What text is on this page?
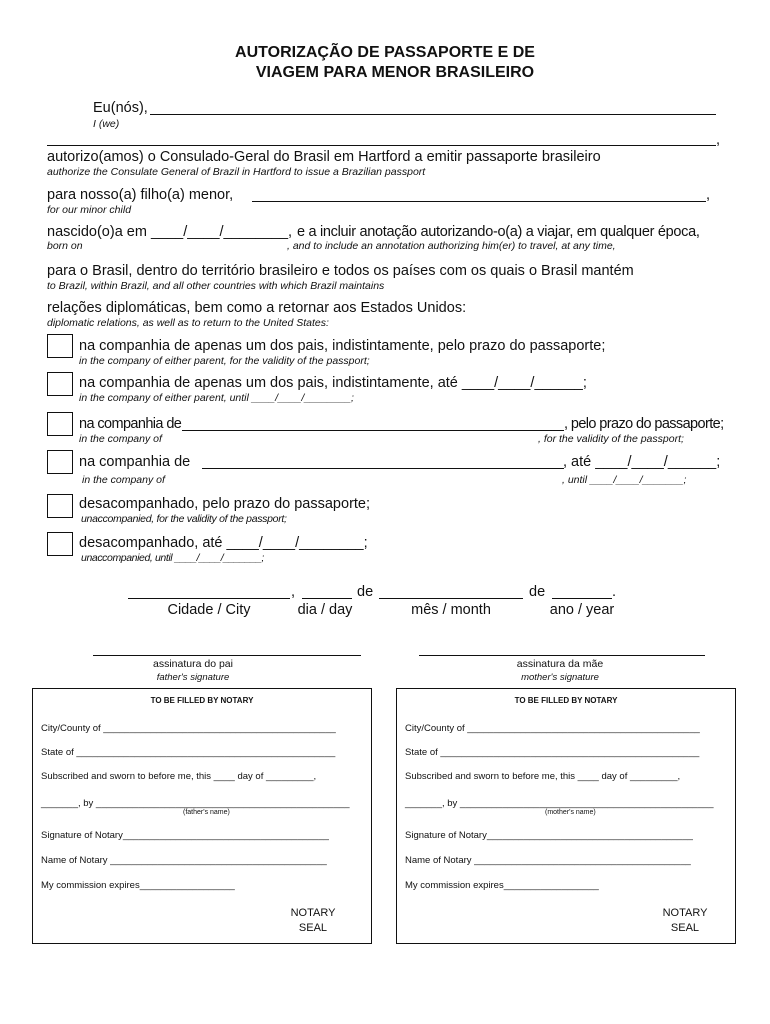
AUTORIZAÇÃO DE PASSAPORTE E DE
VIAGEM PARA MENOR BRASILEIRO
Eu(nós),
I (we)
,
autorizo(amos) o Consulado-Geral do Brasil em Hartford a emitir passaporte brasileiro
authorize the Consulate General of Brazil in Hartford to issue a Brazilian passport
para nosso(a) filho(a) menor,	,
for our minor child
nascido(o)a em ____/____/________, e a incluir anotação autorizando-o(a) a viajar, em qualquer época,
born on	, and to include an annotation authorizing him(er) to travel, at any time,
para o Brasil, dentro do território brasileiro e todos os países com os quais o Brasil mantém
to Brazil, within Brazil, and all other countries with which Brazil maintains
relações diplomáticas, bem como a retornar aos Estados Unidos:
diplomatic relations, as well as to return to the United States:
na companhia de apenas um dos pais, indistintamente, pelo prazo do passaporte;
in the company of either parent, for the validity of the passport;
na companhia de apenas um dos pais, indistintamente, até ____/____/______;
in the company of either parent, until ____/____/________;
na companhia de	, pelo prazo do passaporte;
in the company of	, for the validity of the passport;
na companhia de	, até ____/____/______;
in the company of	, until ____/____/_______;
desacompanhado, pelo prazo do passaporte;
unaccompanied, for the validity of the passport;
desacompanhado, até ____/____/________;
unaccompanied, until ____/____/_______;
,	de	de	.
Cidade / City	dia / day	mês / month	ano / year
assinatura do pai
father's signature
assinatura da mãe
mother's signature
TO BE FILLED BY NOTARY
City/County of ____________________________________________
State of _________________________________________________
Subscribed and sworn to before me, this ____ day of _________,
_______, by ________________________________________________
(father's name)
Signature of Notary_______________________________________
Name of Notary _________________________________________
My commission expires__________________
NOTARY
SEAL
TO BE FILLED BY NOTARY
City/County of ____________________________________________
State of _________________________________________________
Subscribed and sworn to before me, this ____ day of _________,
_______, by ________________________________________________
(mother's name)
Signature of Notary_______________________________________
Name of Notary _________________________________________
My commission expires__________________
NOTARY
SEAL
